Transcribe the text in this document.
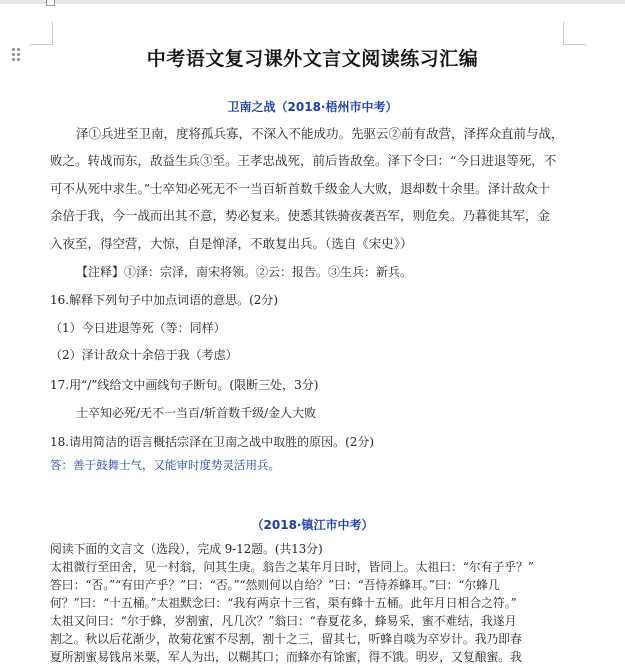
中考语文复习课外文言文阅读练习汇编
卫南之战（2018·梧州市中考）
泽①兵进至卫南，度将孤兵寡，不深入不能成功。先驱云②前有敌营，泽挥众直前与战，
败之。转战而东，敌益生兵③至。王孝忠战死，前后皆敌垒。泽下令曰：“今日进退等死，不
可不从死中求生。”士卒知必死无不一当百斩首数千级金人大败，退却数十余里。泽计敌众十
余倍于我，今一战而出其不意，势必复来。使悉其铁骑夜袭吾军，则危矣。乃暮徙其军，金
入夜至，得空营，大惊，自是惮泽，不敢复出兵。（选自《宋史》）
【注释】①泽：宗泽，南宋将领。②云：报告。③生兵：新兵。
16.解释下列句子中加点词语的意思。(2分)
（1）今日进退等死（等：同样）
（2）泽计敌众十余倍于我（考虑）
17.用“/”线给文中画线句子断句。(限断三处，3分)
士卒知必死/无不一当百/斩首数千级/金人大败
18.请用简洁的语言概括宗泽在卫南之战中取胜的原因。(2分)
答：善于鼓舞士气，又能审时度势灵活用兵。
（2018·镇江市中考）
阅读下面的文言文（选段），完成 9-12题。(共13分)
太祖微行至田舍，见一村翁，问其生庚。翁告之某年月日时，皆同上。太祖曰：“尔有子乎？”
答曰：“否。”“有田产乎？”曰：“否。”“然则何以自给？”曰：“吾恃养蜂耳。”曰：“尔蜂几
何？”曰：“十五桶。”太祖默念曰：“我有两京十三省，渠有蜂十五桶。此年月日相合之符。”
太祖又问曰：“尔于蜂，岁割蜜，凡几次？”翁曰：“春夏花多，蜂易采，蜜不难结，我遂月
割之。秋以后花渐少，故菊花蜜不尽割，割十之三，留其七，听蜂自啖为卒岁计。我乃即春
夏所割蜜易钱帛米粟，军人为出，以糊其口；而蜂亦有馀蜜，得不饿。明岁，又复酿蜜。我
